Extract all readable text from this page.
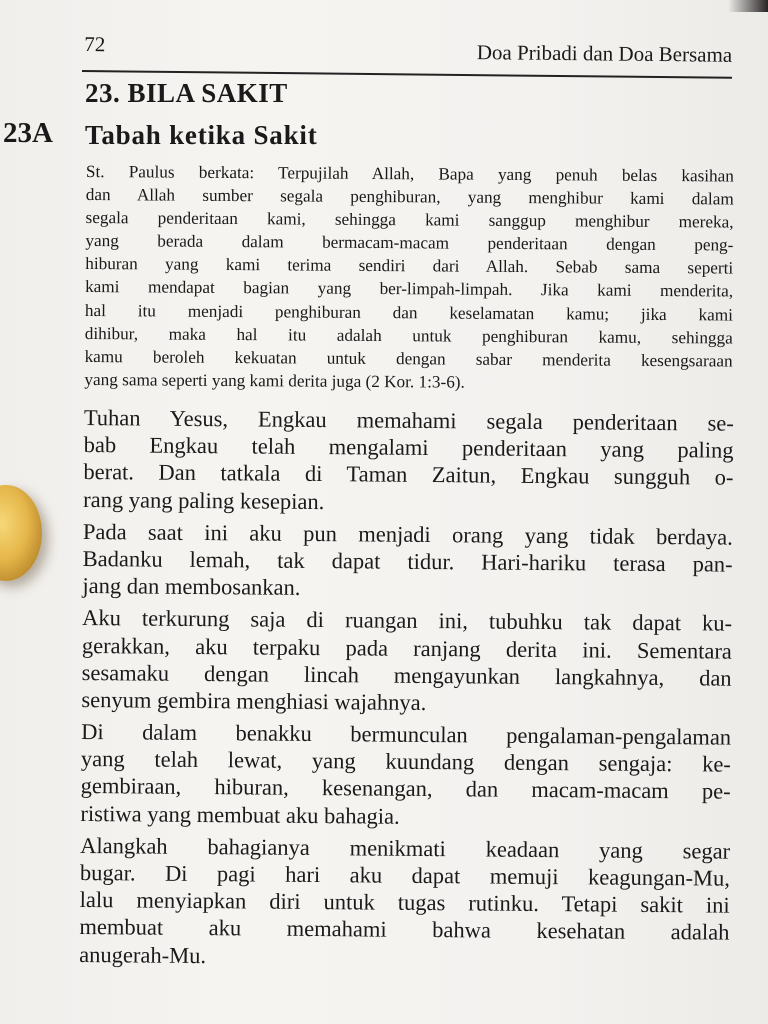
72	Doa Pribadi dan Doa Bersama
23. BILA SAKIT
23A Tabah ketika Sakit
St. Paulus berkata: Terpujilah Allah, Bapa yang penuh belas kasihan
dan Allah sumber segala penghiburan, yang menghibur kami dalam
segala penderitaan kami, sehingga kami sanggup menghibur mereka,
yang berada dalam bermacam-macam penderitaan dengan peng-
hiburan yang kami terima sendiri dari Allah. Sebab sama seperti
kami mendapat bagian yang ber-limpah-limpah. Jika kami menderita,
hal itu menjadi penghiburan dan keselamatan kamu; jika kami
dihibur, maka hal itu adalah untuk penghiburan kamu, sehingga
kamu beroleh kekuatan untuk dengan sabar menderita kesengsaraan
yang sama seperti yang kami derita juga (2 Kor. 1:3-6).
Tuhan Yesus, Engkau memahami segala penderitaan se-
bab Engkau telah mengalami penderitaan yang paling
berat. Dan tatkala di Taman Zaitun, Engkau sungguh o-
rang yang paling kesepian.
Pada saat ini aku pun menjadi orang yang tidak berdaya.
Badanku lemah, tak dapat tidur. Hari-hariku terasa pan-
jang dan membosankan.
Aku terkurung saja di ruangan ini, tubuhku tak dapat ku-
gerakkan, aku terpaku pada ranjang derita ini. Sementara
sesamaku dengan lincah mengayunkan langkahnya, dan
senyum gembira menghiasi wajahnya.
Di dalam benakku bermunculan pengalaman-pengalaman
yang telah lewat, yang kuundang dengan sengaja: ke-
gembiraan, hiburan, kesenangan, dan macam-macam pe-
ristiwa yang membuat aku bahagia.
Alangkah bahagianya menikmati keadaan yang segar
bugar. Di pagi hari aku dapat memuji keagungan-Mu,
lalu menyiapkan diri untuk tugas rutinku. Tetapi sakit ini
membuat aku memahami bahwa kesehatan adalah
anugerah-Mu.
